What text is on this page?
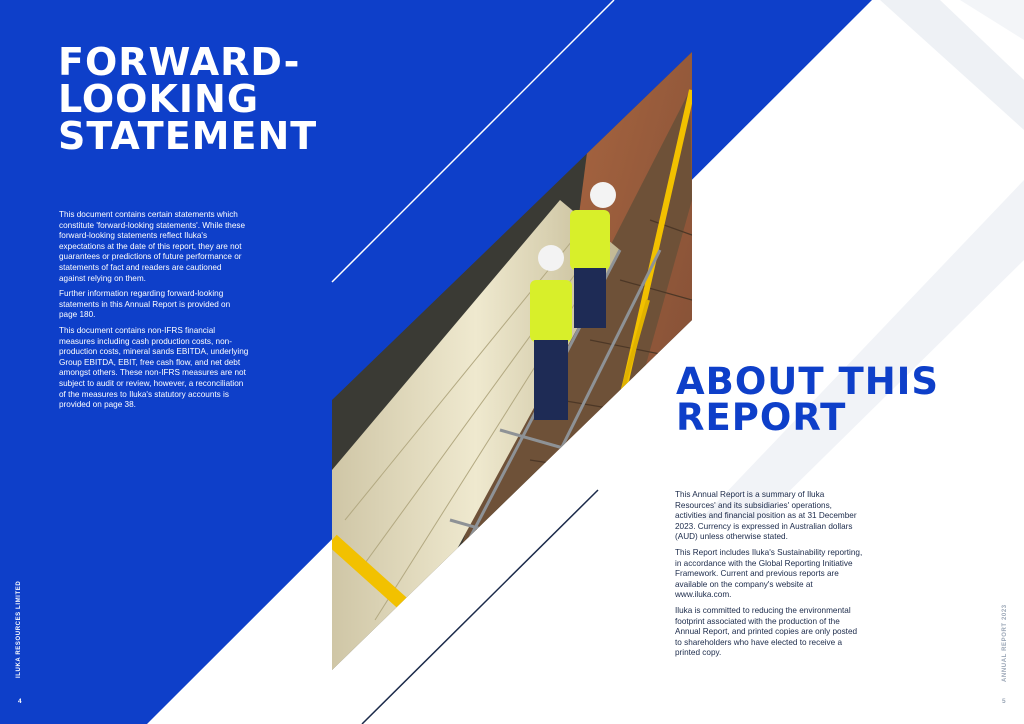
FORWARD-
LOOKING
STATEMENT

This document contains certain statements which constitute 'forward-looking statements'. While these forward-looking statements reflect Iluka's expectations at the date of this report, they are not guarantees or predictions of future performance or statements of fact and readers are cautioned against relying on them.

Further information regarding forward-looking statements in this Annual Report is provided on page 180.

This document contains non-IFRS financial measures including cash production costs, non-production costs, mineral sands EBITDA, underlying Group EBITDA, EBIT, free cash flow, and net debt amongst others. These non-IFRS measures are not subject to audit or review, however, a reconciliation of the measures to Iluka's statutory accounts is provided on page 38.

ABOUT THIS
REPORT

This Annual Report is a summary of Iluka Resources' and its subsidiaries' operations, activities and financial position as at 31 December 2023. Currency is expressed in Australian dollars (AUD) unless otherwise stated.

This Report includes Iluka's Sustainability reporting, in accordance with the Global Reporting Initiative Framework. Current and previous reports are available on the company's website at www.iluka.com.

Iluka is committed to reducing the environmental footprint associated with the production of the Annual Report, and printed copies are only posted to shareholders who have elected to receive a printed copy.

ILUKA RESOURCES LIMITED	ANNUAL REPORT 2023
4	5
